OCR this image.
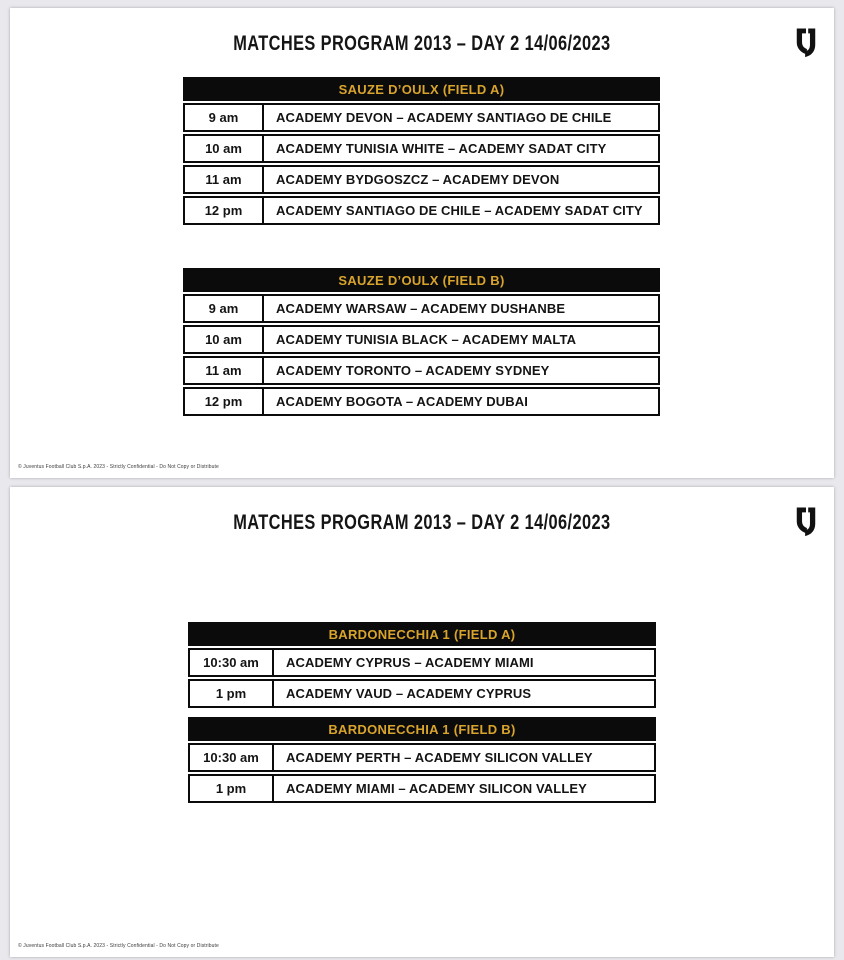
MATCHES PROGRAM 2013 – DAY 2 14/06/2023
SAUZE D’OULX (FIELD A)
9 am	ACADEMY DEVON – ACADEMY SANTIAGO DE CHILE
10 am	ACADEMY TUNISIA WHITE – ACADEMY SADAT CITY
11 am	ACADEMY BYDGOSZCZ – ACADEMY DEVON
12 pm	ACADEMY SANTIAGO DE CHILE – ACADEMY SADAT CITY
SAUZE D’OULX (FIELD B)
9 am	ACADEMY WARSAW – ACADEMY DUSHANBE
10 am	ACADEMY TUNISIA BLACK – ACADEMY MALTA
11 am	ACADEMY TORONTO – ACADEMY SYDNEY
12 pm	ACADEMY BOGOTA – ACADEMY DUBAI
© Juventus Football Club S.p.A. 2023 - Strictly Confidential - Do Not Copy or Distribute
MATCHES PROGRAM 2013 – DAY 2 14/06/2023
BARDONECCHIA 1 (FIELD A)
10:30 am	ACADEMY CYPRUS – ACADEMY MIAMI
1 pm	ACADEMY VAUD – ACADEMY CYPRUS
BARDONECCHIA 1 (FIELD B)
10:30 am	ACADEMY PERTH – ACADEMY SILICON VALLEY
1 pm	ACADEMY MIAMI – ACADEMY SILICON VALLEY
© Juventus Football Club S.p.A. 2023 - Strictly Confidential - Do Not Copy or Distribute
